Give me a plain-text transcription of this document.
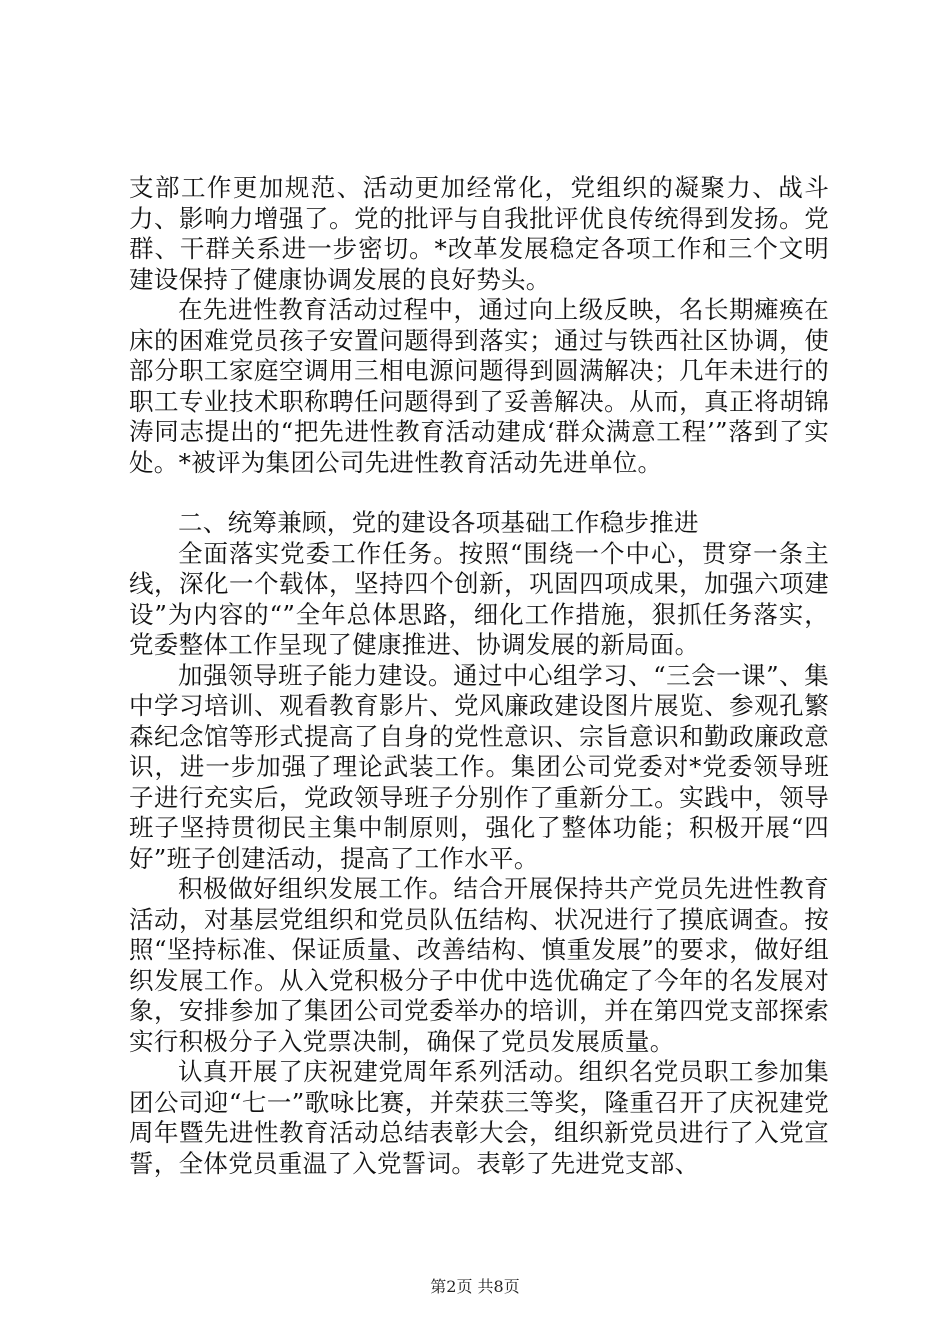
支部工作更加规范、活动更加经常化，党组织的凝聚力、战斗力、影响力增强了。党的批评与自我批评优良传统得到发扬。党群、干群关系进一步密切。*改革发展稳定各项工作和三个文明建设保持了健康协调发展的良好势头。

在先进性教育活动过程中，通过向上级反映，名长期瘫痪在床的困难党员孩子安置问题得到落实；通过与铁西社区协调，使部分职工家庭空调用三相电源问题得到圆满解决；几年未进行的职工专业技术职称聘任问题得到了妥善解决。从而，真正将胡锦涛同志提出的“把先进性教育活动建成‘群众满意工程’”落到了实处。*被评为集团公司先进性教育活动先进单位。

二、统筹兼顾，党的建设各项基础工作稳步推进

全面落实党委工作任务。按照“围绕一个中心，贯穿一条主线，深化一个载体，坚持四个创新，巩固四项成果，加强六项建设”为内容的“”全年总体思路，细化工作措施，狠抓任务落实，党委整体工作呈现了健康推进、协调发展的新局面。

加强领导班子能力建设。通过中心组学习、“三会一课”、集中学习培训、观看教育影片、党风廉政建设图片展览、参观孔繁森纪念馆等形式提高了自身的党性意识、宗旨意识和勤政廉政意识，进一步加强了理论武装工作。集团公司党委对*党委领导班子进行充实后，党政领导班子分别作了重新分工。实践中，领导班子坚持贯彻民主集中制原则，强化了整体功能；积极开展“四好”班子创建活动，提高了工作水平。

积极做好组织发展工作。结合开展保持共产党员先进性教育活动，对基层党组织和党员队伍结构、状况进行了摸底调查。按照“坚持标准、保证质量、改善结构、慎重发展”的要求，做好组织发展工作。从入党积极分子中优中选优确定了今年的名发展对象，安排参加了集团公司党委举办的培训，并在第四党支部探索实行积极分子入党票决制，确保了党员发展质量。

认真开展了庆祝建党周年系列活动。组织名党员职工参加集团公司迎“七一”歌咏比赛，并荣获三等奖，隆重召开了庆祝建党周年暨先进性教育活动总结表彰大会，组织新党员进行了入党宣誓，全体党员重温了入党誓词。表彰了先进党支部、

第2页 共8页
